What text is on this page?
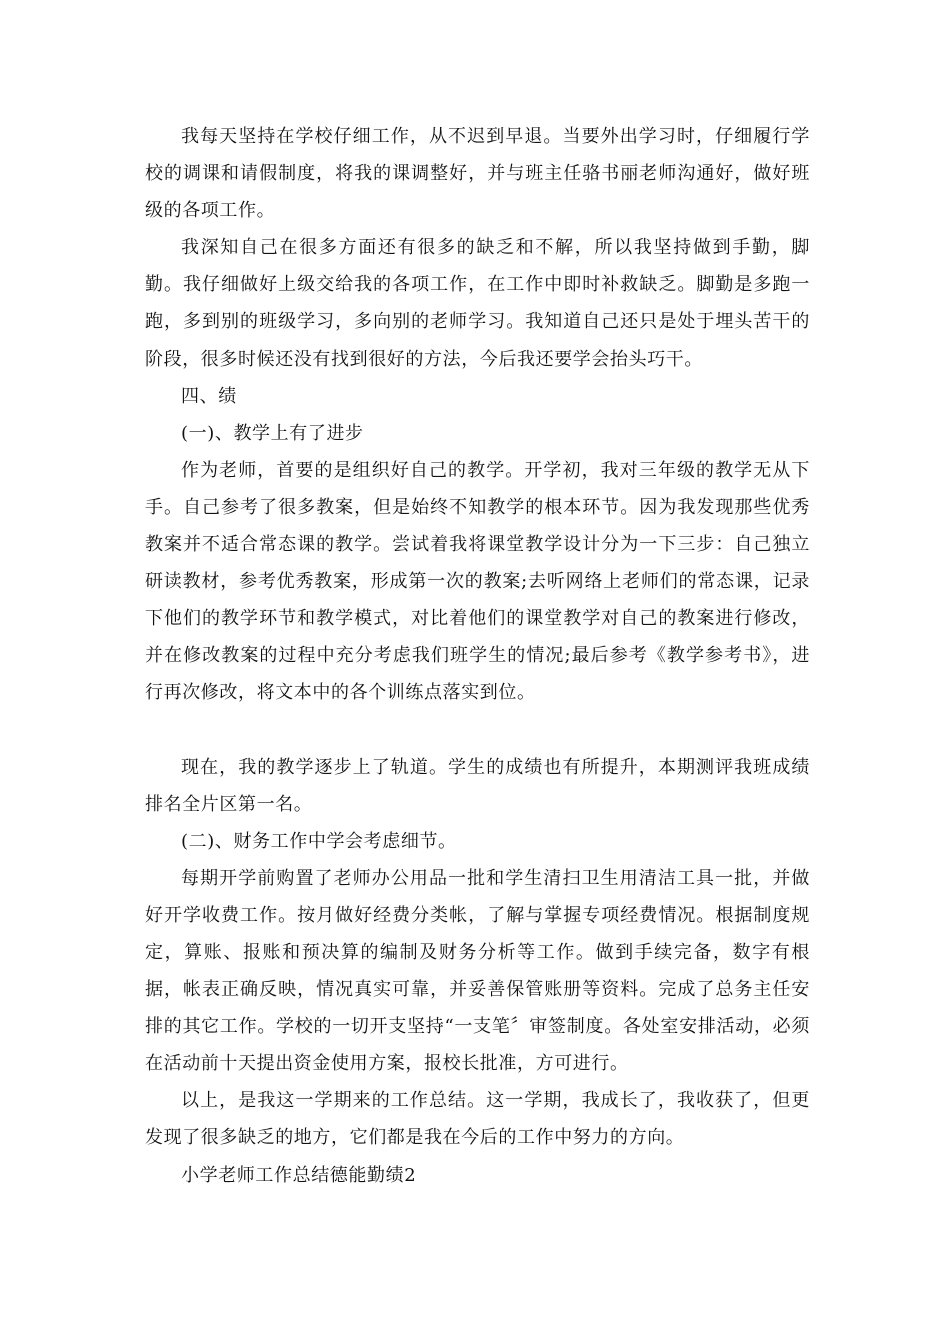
我每天坚持在学校仔细工作，从不迟到早退。当要外出学习时，仔细履行学校的调课和请假制度，将我的课调整好，并与班主任骆书丽老师沟通好，做好班级的各项工作。

我深知自己在很多方面还有很多的缺乏和不解，所以我坚持做到手勤，脚勤。我仔细做好上级交给我的各项工作，在工作中即时补救缺乏。脚勤是多跑一跑，多到别的班级学习，多向别的老师学习。我知道自己还只是处于埋头苦干的阶段，很多时候还没有找到很好的方法，今后我还要学会抬头巧干。

四、绩

(一)、教学上有了进步

作为老师，首要的是组织好自己的教学。开学初，我对三年级的教学无从下手。自己参考了很多教案，但是始终不知教学的根本环节。因为我发现那些优秀教案并不适合常态课的教学。尝试着我将课堂教学设计分为一下三步：自己独立研读教材，参考优秀教案，形成第一次的教案;去听网络上老师们的常态课，记录下他们的教学环节和教学模式，对比着他们的课堂教学对自己的教案进行修改，并在修改教案的过程中充分考虑我们班学生的情况;最后参考《教学参考书》，进行再次修改，将文本中的各个训练点落实到位。

现在，我的教学逐步上了轨道。学生的成绩也有所提升，本期测评我班成绩排名全片区第一名。

(二)、财务工作中学会考虑细节。

每期开学前购置了老师办公用品一批和学生清扫卫生用清洁工具一批，并做好开学收费工作。按月做好经费分类帐，了解与掌握专项经费情况。根据制度规定，算账、报账和预决算的编制及财务分析等工作。做到手续完备，数字有根据，帐表正确反映，情况真实可靠，并妥善保管账册等资料。完成了总务主任安排的其它工作。学校的一切开支坚持“一支笔〞审签制度。各处室安排活动，必须在活动前十天提出资金使用方案，报校长批准，方可进行。

以上，是我这一学期来的工作总结。这一学期，我成长了，我收获了，但更发现了很多缺乏的地方，它们都是我在今后的工作中努力的方向。

小学老师工作总结德能勤绩2
